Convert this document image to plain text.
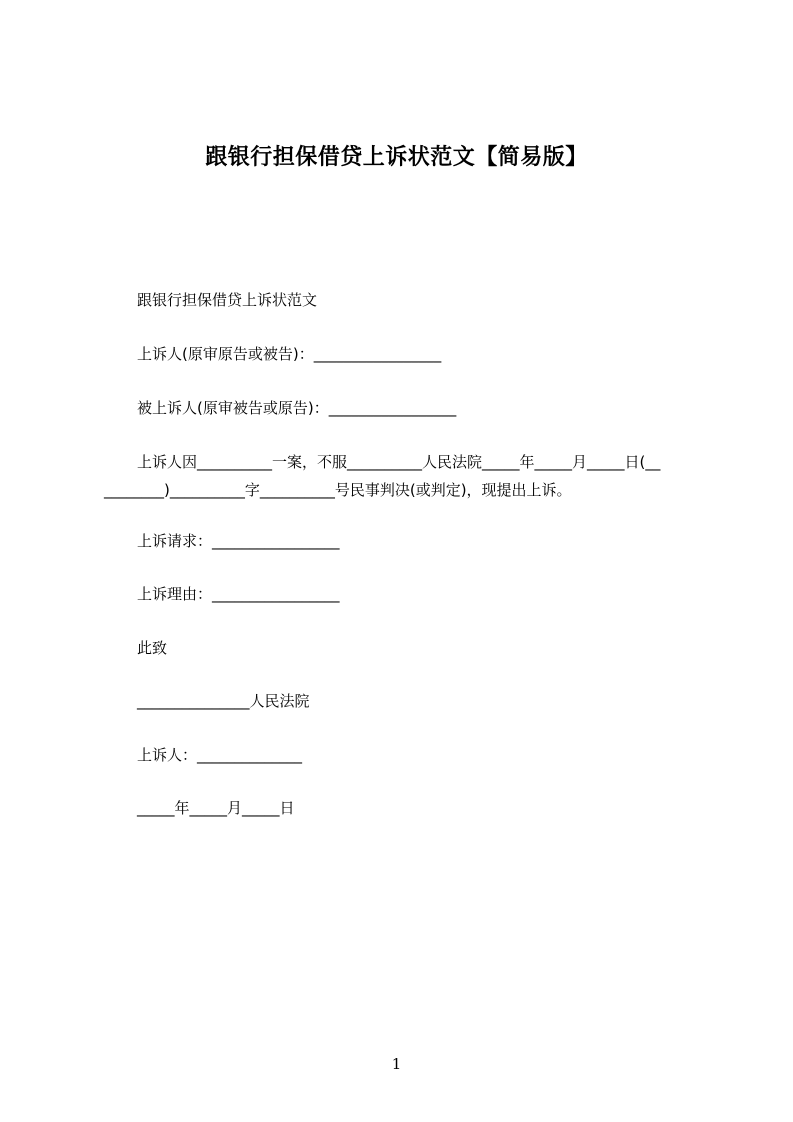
跟银行担保借贷上诉状范文【简易版】
跟银行担保借贷上诉状范文
上诉人(原审原告或被告)：_________________
被上诉人(原审被告或原告)：_________________
上诉人因__________一案，不服__________人民法院_____年_____月_____日(__
________)__________字__________号民事判决(或判定)，现提出上诉。
上诉请求：_________________
上诉理由：_________________
此致
_______________人民法院
上诉人：______________
_____年_____月_____日
1
